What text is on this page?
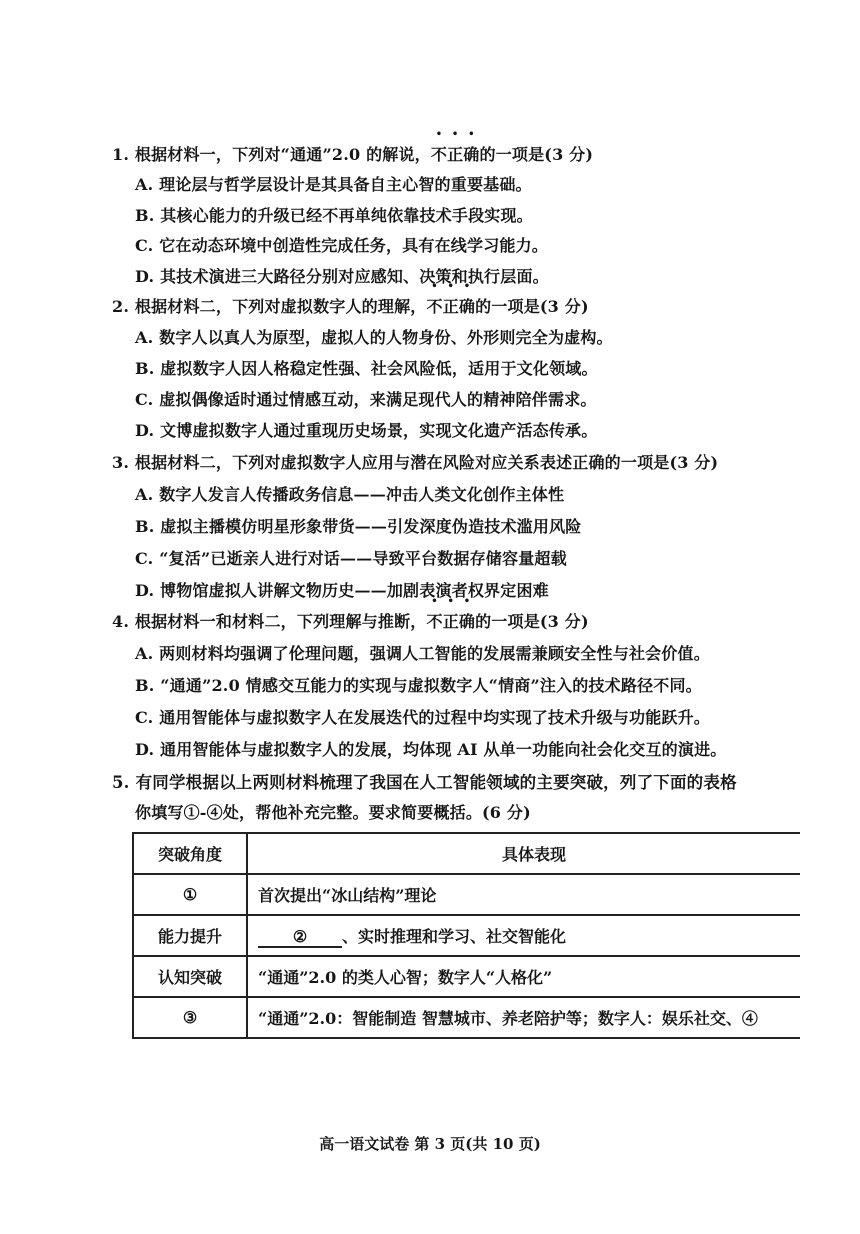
1. 根据材料一，下列对“通通”2.0 的解说，不正确的一项是(3 分)
A. 理论层与哲学层设计是其具备自主心智的重要基础。
B. 其核心能力的升级已经不再单纯依靠技术手段实现。
C. 它在动态环境中创造性完成任务，具有在线学习能力。
D. 其技术演进三大路径分别对应感知、决策和执行层面。
2. 根据材料二，下列对虚拟数字人的理解，不正确的一项是(3 分)
A. 数字人以真人为原型，虚拟人的人物身份、外形则完全为虚构。
B. 虚拟数字人因人格稳定性强、社会风险低，适用于文化领域。
C. 虚拟偶像适时通过情感互动，来满足现代人的精神陪伴需求。
D. 文博虚拟数字人通过重现历史场景，实现文化遗产活态传承。
3. 根据材料二，下列对虚拟数字人应用与潜在风险对应关系表述正确的一项是(3 分)
A. 数字人发言人传播政务信息——冲击人类文化创作主体性
B. 虚拟主播模仿明星形象带货——引发深度伪造技术滥用风险
C. “复活”已逝亲人进行对话——导致平台数据存储容量超载
D. 博物馆虚拟人讲解文物历史——加剧表演者权界定困难
4. 根据材料一和材料二，下列理解与推断，不正确的一项是(3 分)
A. 两则材料均强调了伦理问题，强调人工智能的发展需兼顾安全性与社会价值。
B. “通通”2.0 情感交互能力的实现与虚拟数字人“情商”注入的技术路径不同。
C. 通用智能体与虚拟数字人在发展迭代的过程中均实现了技术升级与功能跃升。
D. 通用智能体与虚拟数字人的发展，均体现 AI 从单一功能向社会化交互的演进。
5. 有同学根据以上两则材料梳理了我国在人工智能领域的主要突破，列了下面的表格
你填写①-④处，帮他补充完整。要求简要概括。(6 分)
突破角度	具体表现
①	首次提出“冰山结构”理论
能力提升	② 、实时推理和学习、社交智能化
认知突破	“通通”2.0 的类人心智；数字人“人格化”
③	“通通”2.0：智能制造 智慧城市、养老陪护等；数字人：娱乐社交、④
高一语文试卷 第 3 页(共 10 页)
